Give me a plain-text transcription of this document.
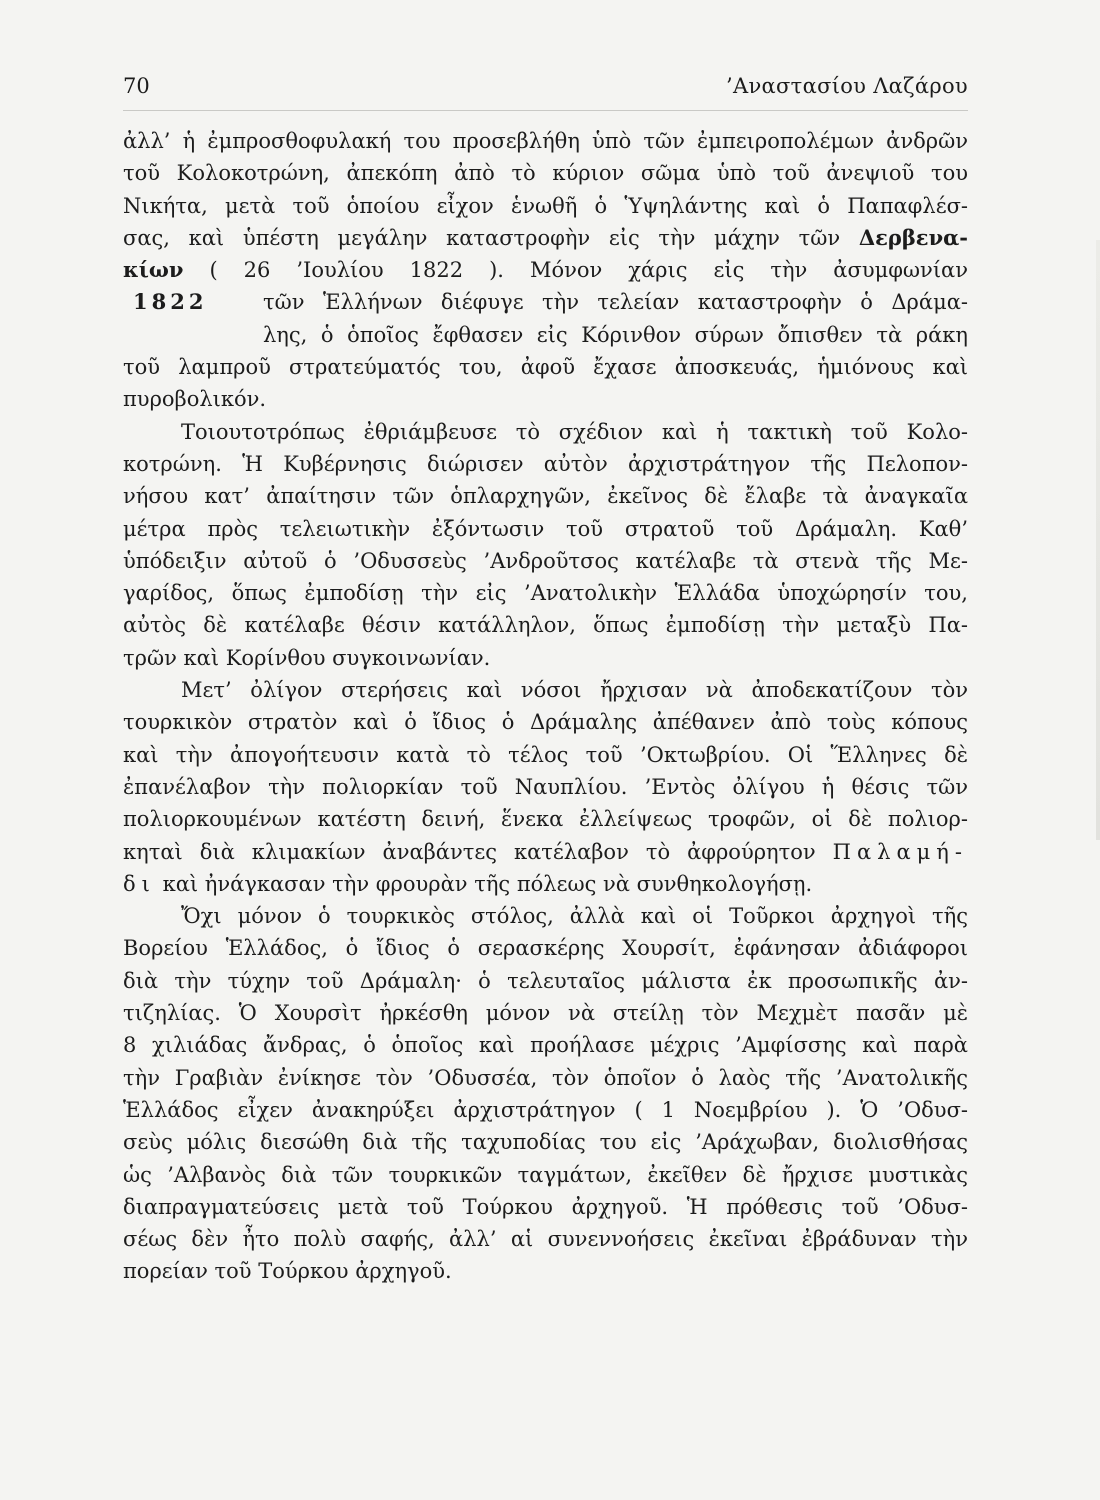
70	’Αναστασίου Λαζάρου
ἀλλ’ ἡ ἐμπροσθοφυλακή του προσεβλήθη ὑπὸ τῶν ἐμπειροπολέμων ἀνδρῶν
τοῦ Κολοκοτρώνη, ἀπεκόπη ἀπὸ τὸ κύριον σῶμα ὑπὸ τοῦ ἀνεψιοῦ του
Νικήτα, μετὰ τοῦ ὁποίου εἶχον ἑνωθῆ ὁ Ὑψηλάντης καὶ ὁ Παπαφλέσ-
σας, καὶ ὑπέστη μεγάλην καταστροφὴν εἰς τὴν μάχην τῶν Δερβενα-
κίων ( 26 ’Ιουλίου 1822 ). Μόνον χάρις εἰς τὴν ἀσυμφωνίαν
1822	τῶν Ἑλλήνων διέφυγε τὴν τελείαν καταστροφὴν ὁ Δράμα-
λης, ὁ ὁποῖος ἔφθασεν εἰς Κόρινθον σύρων ὄπισθεν τὰ ράκη
τοῦ λαμπροῦ στρατεύματός του, ἀφοῦ ἔχασε ἀποσκευάς, ἡμιόνους καὶ
πυροβολικόν.
Τοιουτοτρόπως ἐθριάμβευσε τὸ σχέδιον καὶ ἡ τακτικὴ τοῦ Κολο-
κοτρώνη. Ἡ Κυβέρνησις διώρισεν αὐτὸν ἀρχιστράτηγον τῆς Πελοπον-
νήσου κατ’ ἀπαίτησιν τῶν ὁπλαρχηγῶν, ἐκεῖνος δὲ ἔλαβε τὰ ἀναγκαῖα
μέτρα πρὸς τελειωτικὴν ἐξόντωσιν τοῦ στρατοῦ τοῦ Δράμαλη. Καθ’
ὑπόδειξιν αὐτοῦ ὁ ’Οδυσσεὺς ’Ανδροῦτσος κατέλαβε τὰ στενὰ τῆς Με-
γαρίδος, ὅπως ἐμποδίσῃ τὴν εἰς ’Ανατολικὴν Ἑλλάδα ὑποχώρησίν του,
αὐτὸς δὲ κατέλαβε θέσιν κατάλληλον, ὅπως ἐμποδίσῃ τὴν μεταξὺ Πα-
τρῶν καὶ Κορίνθου συγκοινωνίαν.
Μετ’ ὀλίγον στερήσεις καὶ νόσοι ἤρχισαν νὰ ἀποδεκατίζουν τὸν
τουρκικὸν στρατὸν καὶ ὁ ἴδιος ὁ Δράμαλης ἀπέθανεν ἀπὸ τοὺς κόπους
καὶ τὴν ἀπογοήτευσιν κατὰ τὸ τέλος τοῦ ’Οκτωβρίου. Οἱ Ἕλληνες δὲ
ἐπανέλαβον τὴν πολιορκίαν τοῦ Ναυπλίου. ’Εντὸς ὀλίγου ἡ θέσις τῶν
πολιορκουμένων κατέστη δεινή, ἕνεκα ἐλλείψεως τροφῶν, οἱ δὲ πολιορ-
κηταὶ διὰ κλιμακίων ἀναβάντες κατέλαβον τὸ ἀφρούρητον Παλαμή-
δι καὶ ἠνάγκασαν τὴν φρουρὰν τῆς πόλεως νὰ συνθηκολογήσῃ.
Ὄχι μόνον ὁ τουρκικὸς στόλος, ἀλλὰ καὶ οἱ Τοῦρκοι ἀρχηγοὶ τῆς
Βορείου Ἑλλάδος, ὁ ἴδιος ὁ σερασκέρης Χουρσίτ, ἐφάνησαν ἀδιάφοροι
διὰ τὴν τύχην τοῦ Δράμαλη· ὁ τελευταῖος μάλιστα ἐκ προσωπικῆς ἀν-
τιζηλίας. Ὁ Χουρσὶτ ἠρκέσθη μόνον νὰ στείλῃ τὸν Μεχμὲτ πασᾶν μὲ
8 χιλιάδας ἄνδρας, ὁ ὁποῖος καὶ προήλασε μέχρις ’Αμφίσσης καὶ παρὰ
τὴν Γραβιὰν ἐνίκησε τὸν ’Οδυσσέα, τὸν ὁποῖον ὁ λαὸς τῆς ’Ανατολικῆς
Ἑλλάδος εἶχεν ἀνακηρύξει ἀρχιστράτηγον ( 1 Νοεμβρίου ). Ὁ ’Οδυσ-
σεὺς μόλις διεσώθη διὰ τῆς ταχυποδίας του εἰς ’Αράχωβαν, διολισθήσας
ὡς ’Αλβανὸς διὰ τῶν τουρκικῶν ταγμάτων, ἐκεῖθεν δὲ ἤρχισε μυστικὰς
διαπραγματεύσεις μετὰ τοῦ Τούρκου ἀρχηγοῦ. Ἡ πρόθεσις τοῦ ’Οδυσ-
σέως δὲν ἦτο πολὺ σαφής, ἀλλ’ αἱ συνεννοήσεις ἐκεῖναι ἐβράδυναν τὴν
πορείαν τοῦ Τούρκου ἀρχηγοῦ.
